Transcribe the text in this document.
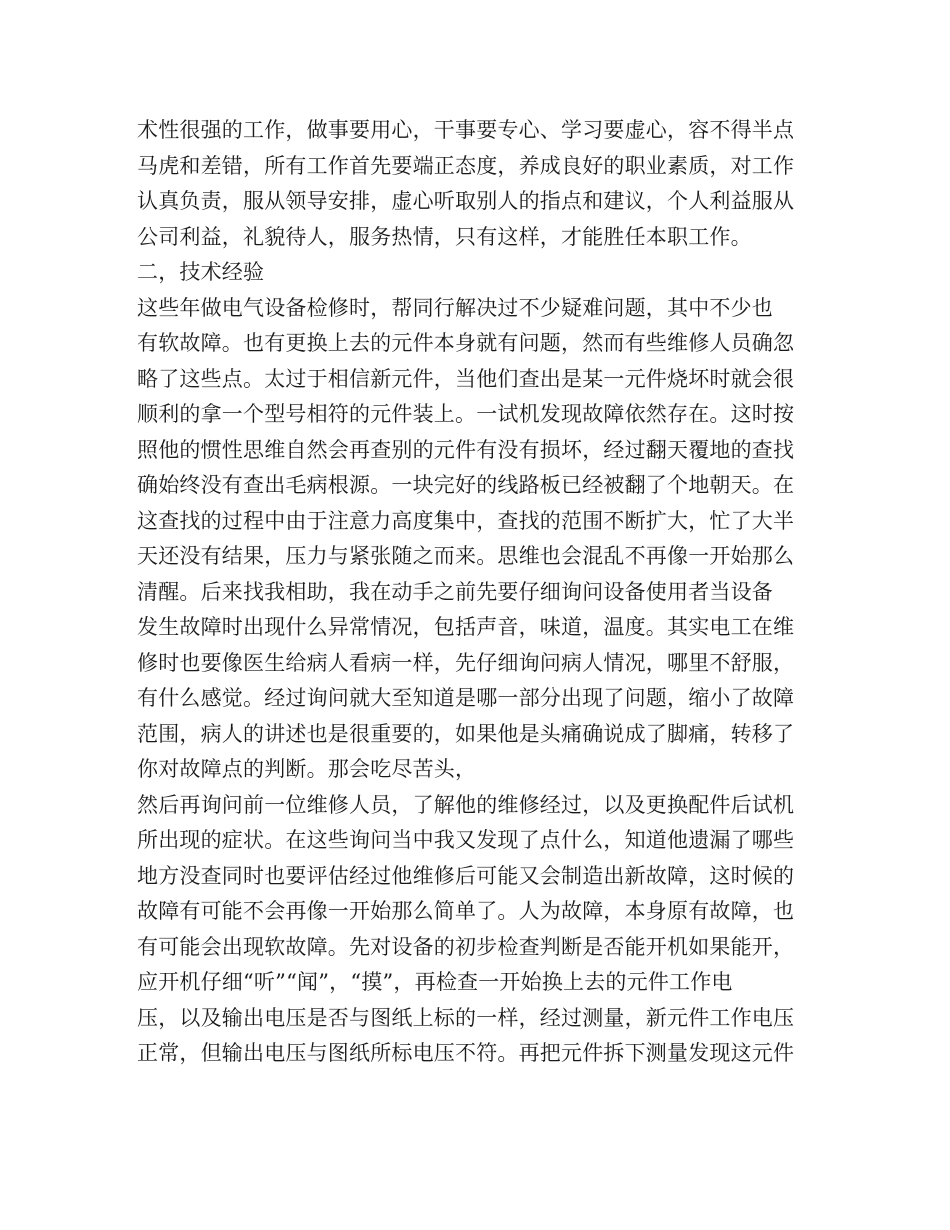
术性很强的工作，做事要用心，干事要专心、学习要虚心，容不得半点
马虎和差错，所有工作首先要端正态度，养成良好的职业素质，对工作
认真负责，服从领导安排，虚心听取别人的指点和建议，个人利益服从
公司利益，礼貌待人，服务热情，只有这样，才能胜任本职工作。
二，技术经验
这些年做电气设备检修时，帮同行解决过不少疑难问题，其中不少也
有软故障。也有更换上去的元件本身就有问题，然而有些维修人员确忽
略了这些点。太过于相信新元件，当他们查出是某一元件烧坏时就会很
顺利的拿一个型号相符的元件装上。一试机发现故障依然存在。这时按
照他的惯性思维自然会再查别的元件有没有损坏，经过翻天覆地的查找
确始终没有查出毛病根源。一块完好的线路板已经被翻了个地朝天。在
这查找的过程中由于注意力高度集中，查找的范围不断扩大，忙了大半
天还没有结果，压力与紧张随之而来。思维也会混乱不再像一开始那么
清醒。后来找我相助，我在动手之前先要仔细询问设备使用者当设备
发生故障时出现什么异常情况，包括声音，味道，温度。其实电工在维
修时也要像医生给病人看病一样，先仔细询问病人情况，哪里不舒服，
有什么感觉。经过询问就大至知道是哪一部分出现了问题，缩小了故障
范围，病人的讲述也是很重要的，如果他是头痛确说成了脚痛，转移了
你对故障点的判断。那会吃尽苦头，
然后再询问前一位维修人员，了解他的维修经过，以及更换配件后试机
所出现的症状。在这些询问当中我又发现了点什么，知道他遗漏了哪些
地方没查同时也要评估经过他维修后可能又会制造出新故障，这时候的
故障有可能不会再像一开始那么简单了。人为故障，本身原有故障，也
有可能会出现软故障。先对设备的初步检查判断是否能开机如果能开，
应开机仔细“听”“闻”，“摸”，再检查一开始换上去的元件工作电
压，以及输出电压是否与图纸上标的一样，经过测量，新元件工作电压
正常，但输出电压与图纸所标电压不符。再把元件拆下测量发现这元件
